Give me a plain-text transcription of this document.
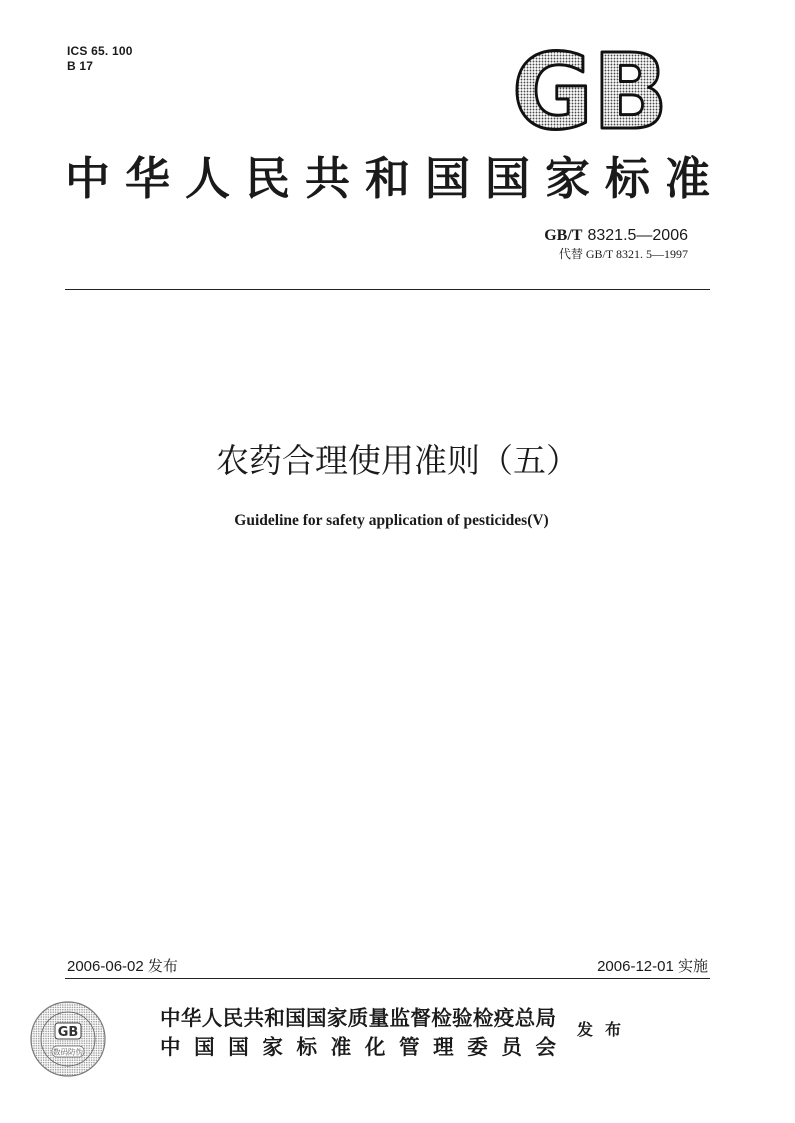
ICS 65. 100
B 17	GB
中华人民共和国国家标准
GB/T 8321.5—2006
代替 GB/T 8321. 5—1997
农药合理使用准则（五）
Guideline for safety application of pesticides(V)
2006-06-02 发布	2006-12-01 实施
GB
数码防伪
中华人民共和国国家质量监督检验检疫总局
中 国 国 家 标 准 化 管 理 委 员 会
发 布
